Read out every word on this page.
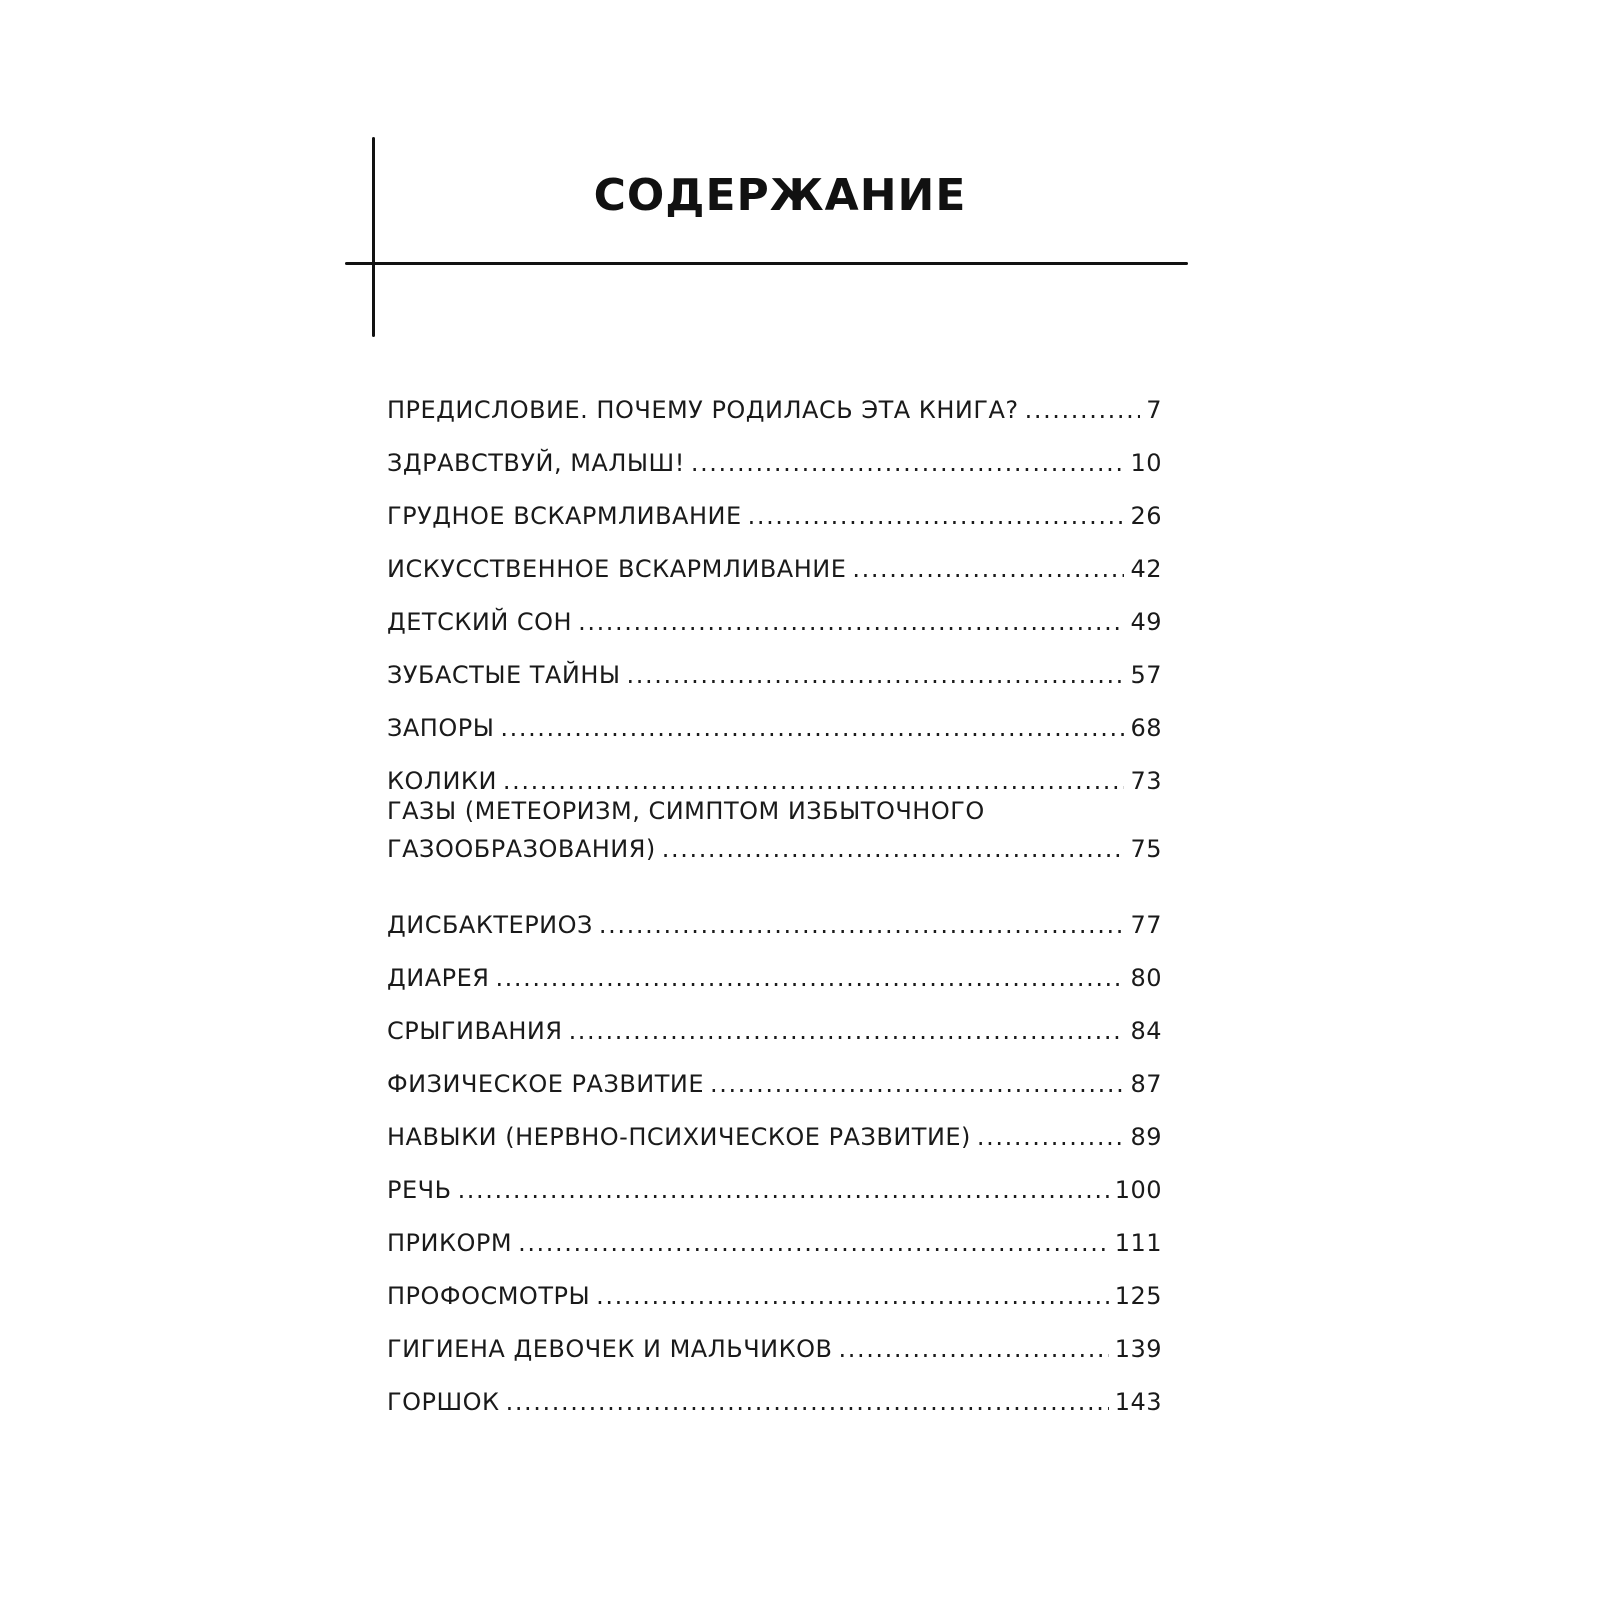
СОДЕРЖАНИЕ
ПРЕДИСЛОВИЕ. ПОЧЕМУ РОДИЛАСЬ ЭТА КНИГА? .....	7
ЗДРАВСТВУЙ, МАЛЫШ! .....	10
ГРУДНОЕ ВСКАРМЛИВАНИЕ .....	26
ИСКУССТВЕННОЕ ВСКАРМЛИВАНИЕ .....	42
ДЕТСКИЙ СОН .....	49
ЗУБАСТЫЕ ТАЙНЫ .....	57
ЗАПОРЫ .....	68
КОЛИКИ .....	73
ГАЗЫ (МЕТЕОРИЗМ, СИМПТОМ ИЗБЫТОЧНОГО
ГАЗООБРАЗОВАНИЯ) .....	75
ДИСБАКТЕРИОЗ .....	77
ДИАРЕЯ .....	80
СРЫГИВАНИЯ .....	84
ФИЗИЧЕСКОЕ РАЗВИТИЕ .....	87
НАВЫКИ (НЕРВНО-ПСИХИЧЕСКОЕ РАЗВИТИЕ) .....	89
РЕЧЬ .....	100
ПРИКОРМ .....	111
ПРОФОСМОТРЫ .....	125
ГИГИЕНА ДЕВОЧЕК И МАЛЬЧИКОВ .....	139
ГОРШОК .....	143
